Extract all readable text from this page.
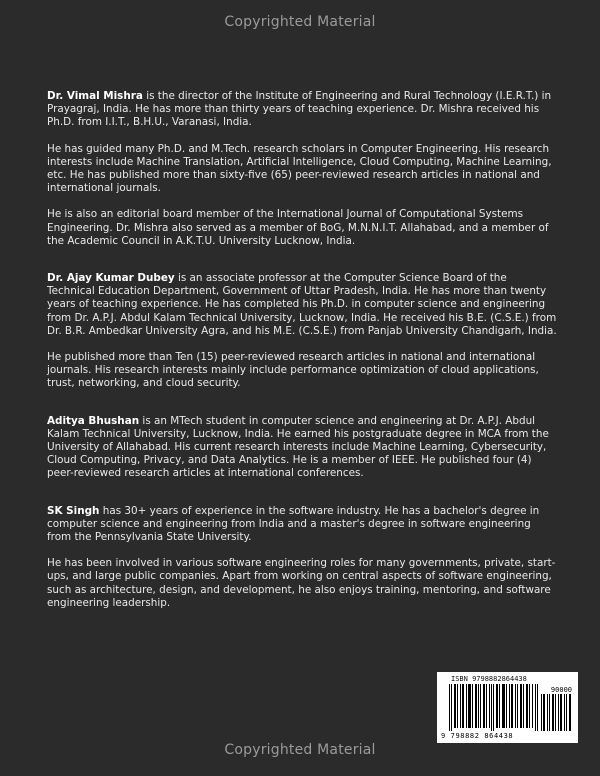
Copyrighted Material

Dr. Vimal Mishra is the director of the Institute of Engineering and Rural Technology (I.E.R.T.) in Prayagraj, India. He has more than thirty years of teaching experience. Dr. Mishra received his Ph.D. from I.I.T., B.H.U., Varanasi, India.

He has guided many Ph.D. and M.Tech. research scholars in Computer Engineering. His research interests include Machine Translation, Artificial Intelligence, Cloud Computing, Machine Learning, etc. He has published more than sixty-five (65) peer-reviewed research articles in national and international journals.

He is also an editorial board member of the International Journal of Computational Systems Engineering. Dr. Mishra also served as a member of BoG, M.N.N.I.T. Allahabad, and a member of the Academic Council in A.K.T.U. University Lucknow, India.

Dr. Ajay Kumar Dubey is an associate professor at the Computer Science Board of the Technical Education Department, Government of Uttar Pradesh, India. He has more than twenty years of teaching experience. He has completed his Ph.D. in computer science and engineering from Dr. A.P.J. Abdul Kalam Technical University, Lucknow, India. He received his B.E. (C.S.E.) from Dr. B.R. Ambedkar University Agra, and his M.E. (C.S.E.) from Panjab University Chandigarh, India.

He published more than Ten (15) peer-reviewed research articles in national and international journals. His research interests mainly include performance optimization of cloud applications, trust, networking, and cloud security.

Aditya Bhushan is an MTech student in computer science and engineering at Dr. A.P.J. Abdul Kalam Technical University, Lucknow, India. He earned his postgraduate degree in MCA from the University of Allahabad. His current research interests include Machine Learning, Cybersecurity, Cloud Computing, Privacy, and Data Analytics. He is a member of IEEE. He published four (4) peer-reviewed research articles at international conferences.

SK Singh has 30+ years of experience in the software industry. He has a bachelor's degree in computer science and engineering from India and a master's degree in software engineering from the Pennsylvania State University.

He has been involved in various software engineering roles for many governments, private, start-ups, and large public companies. Apart from working on central aspects of software engineering, such as architecture, design, and development, he also enjoys training, mentoring, and software engineering leadership.

ISBN 9798882864438
90000
9 798882 864438
Copyrighted Material
